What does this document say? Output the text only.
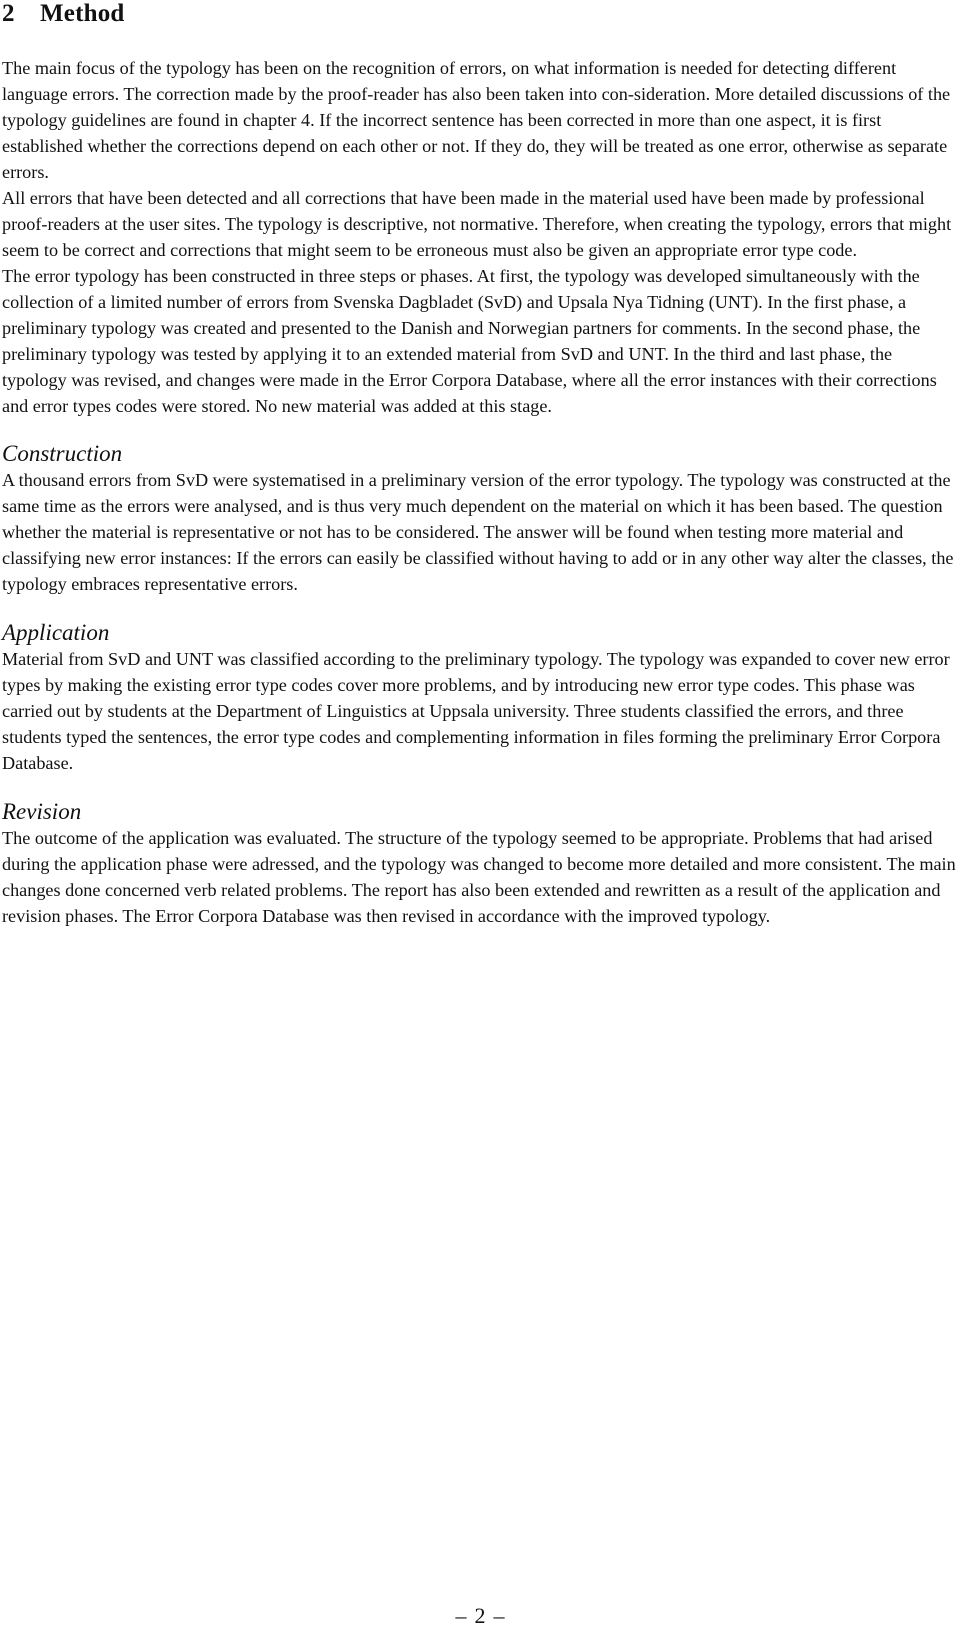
2 Method

The main focus of the typology has been on the recognition of errors, on what information is needed for detecting different language errors. The correction made by the proof-reader has also been taken into con-sideration. More detailed discussions of the typology guidelines are found in chapter 4. If the incorrect sentence has been corrected in more than one aspect, it is first established whether the corrections depend on each other or not. If they do, they will be treated as one error, otherwise as separate errors.

All errors that have been detected and all corrections that have been made in the material used have been made by professional proof-readers at the user sites. The typology is descriptive, not normative. Therefore, when creating the typology, errors that might seem to be correct and corrections that might seem to be erroneous must also be given an appropriate error type code.

The error typology has been constructed in three steps or phases. At first, the typology was developed simultaneously with the collection of a limited number of errors from Svenska Dagbladet (SvD) and Upsala Nya Tidning (UNT). In the first phase, a preliminary typology was created and presented to the Danish and Norwegian partners for comments. In the second phase, the preliminary typology was tested by applying it to an extended material from SvD and UNT. In the third and last phase, the typology was revised, and changes were made in the Error Corpora Database, where all the error instances with their corrections and error types codes were stored. No new material was added at this stage.

Construction

A thousand errors from SvD were systematised in a preliminary version of the error typology. The typology was constructed at the same time as the errors were analysed, and is thus very much dependent on the material on which it has been based. The question whether the material is representative or not has to be considered. The answer will be found when testing more material and classifying new error instances: If the errors can easily be classified without having to add or in any other way alter the classes, the typology embraces representative errors.

Application

Material from SvD and UNT was classified according to the preliminary typology. The typology was expanded to cover new error types by making the existing error type codes cover more problems, and by introducing new error type codes. This phase was carried out by students at the Department of Linguistics at Uppsala university. Three students classified the errors, and three students typed the sentences, the error type codes and complementing information in files forming the preliminary Error Corpora Database.

Revision

The outcome of the application was evaluated. The structure of the typology seemed to be appropriate. Problems that had arised during the application phase were adressed, and the typology was changed to become more detailed and more consistent. The main changes done concerned verb related problems. The report has also been extended and rewritten as a result of the application and revision phases. The Error Corpora Database was then revised in accordance with the improved typology.

– 2 –
